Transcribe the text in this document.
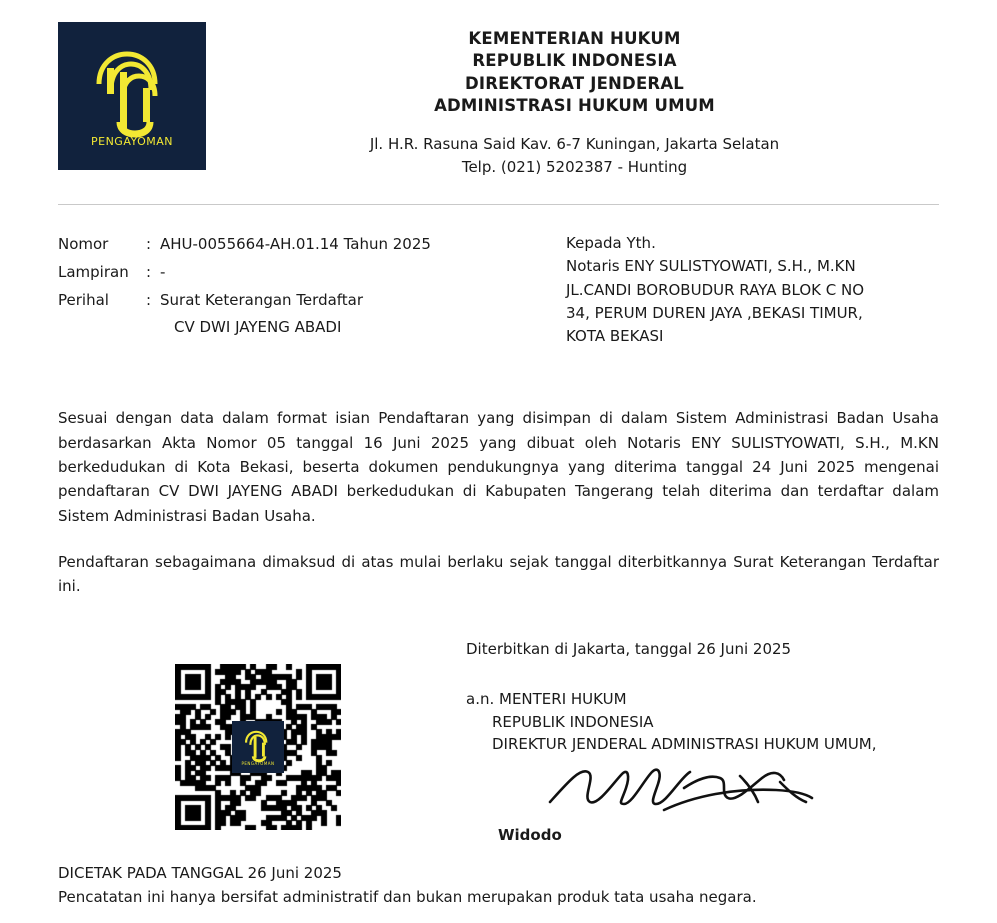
PENGAYOMAN
KEMENTERIAN HUKUM
REPUBLIK INDONESIA
DIREKTORAT JENDERAL
ADMINISTRASI HUKUM UMUM
Jl. H.R. Rasuna Said Kav. 6-7 Kuningan, Jakarta Selatan
Telp. (021) 5202387 - Hunting
Nomor	: AHU-0055664-AH.01.14 Tahun 2025
Lampiran	: -
Perihal	: Surat Keterangan Terdaftar
CV DWI JAYENG ABADI
Kepada Yth.
Notaris ENY SULISTYOWATI, S.H., M.KN
JL.CANDI BOROBUDUR RAYA BLOK C NO
34, PERUM DUREN JAYA ,BEKASI TIMUR,
KOTA BEKASI

Sesuai dengan data dalam format isian Pendaftaran yang disimpan di dalam Sistem Administrasi Badan Usaha berdasarkan Akta Nomor 05 tanggal 16 Juni 2025 yang dibuat oleh Notaris ENY SULISTYOWATI, S.H., M.KN berkedudukan di Kota Bekasi, beserta dokumen pendukungnya yang diterima tanggal 24 Juni 2025 mengenai pendaftaran CV DWI JAYENG ABADI berkedudukan di Kabupaten Tangerang telah diterima dan terdaftar dalam Sistem Administrasi Badan Usaha.

Pendaftaran sebagaimana dimaksud di atas mulai berlaku sejak tanggal diterbitkannya Surat Keterangan Terdaftar ini.

PENGAYOMAN
Diterbitkan di Jakarta, tanggal 26 Juni 2025
a.n. MENTERI HUKUM
REPUBLIK INDONESIA
DIREKTUR JENDERAL ADMINISTRASI HUKUM UMUM,
Widodo
DICETAK PADA TANGGAL 26 Juni 2025
Pencatatan ini hanya bersifat administratif dan bukan merupakan produk tata usaha negara.
